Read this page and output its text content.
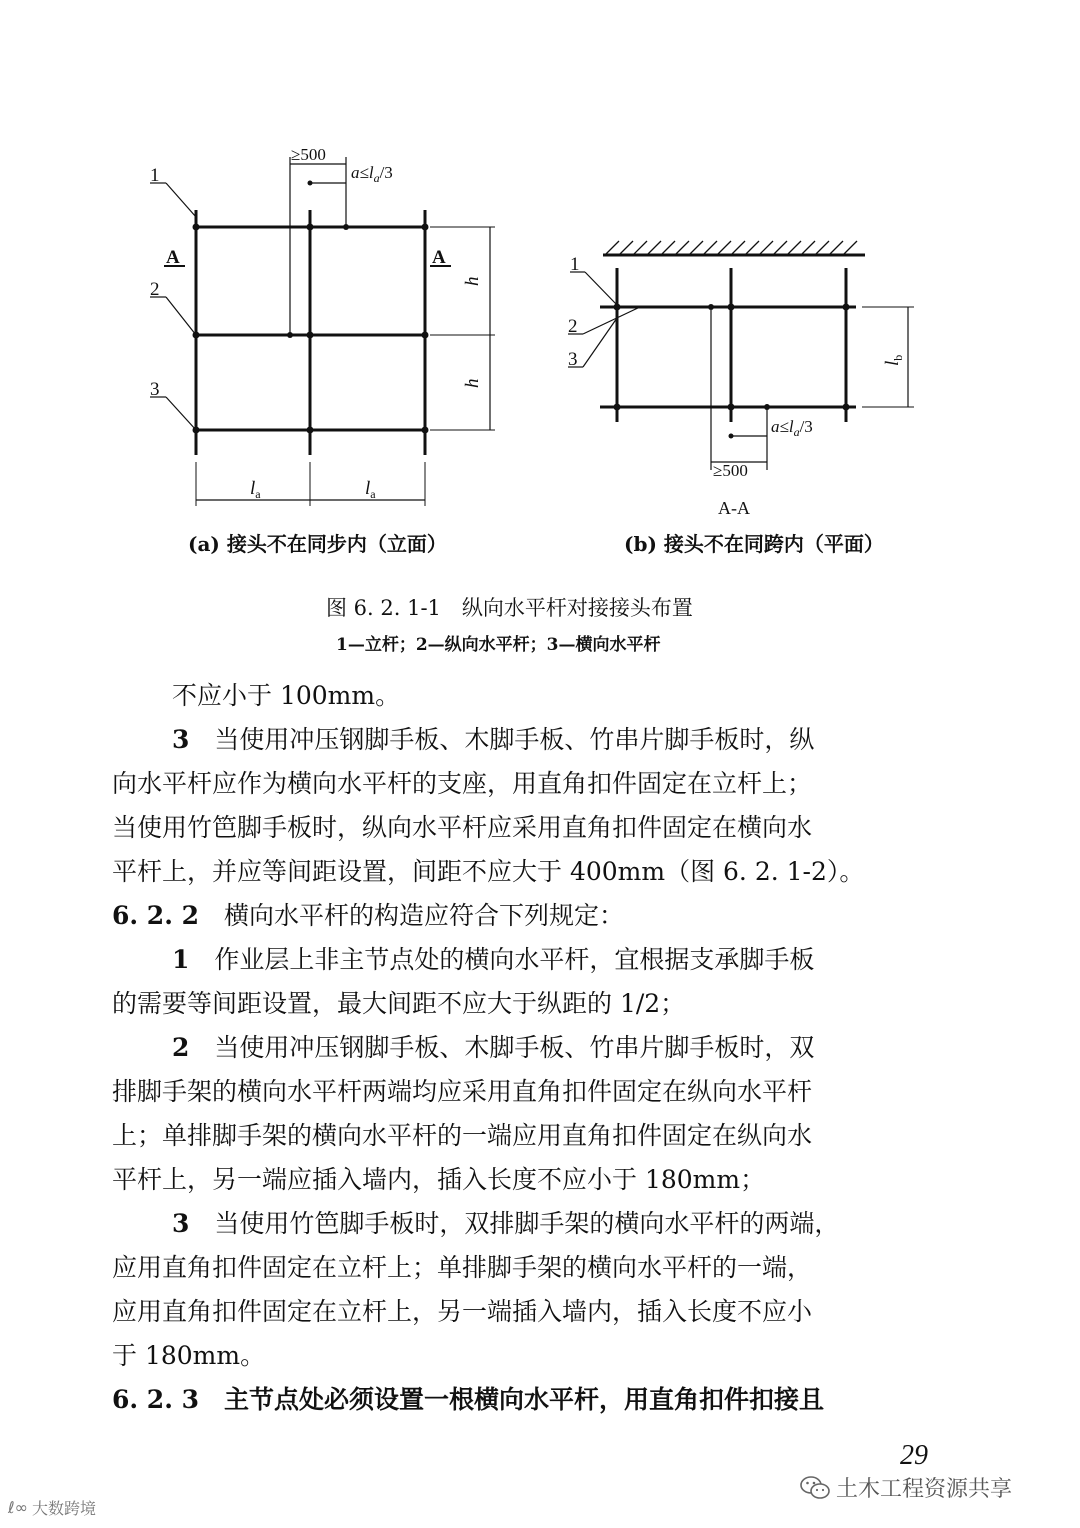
1
2
3
A	A
≥500
$a\le l_a/3$
h
h
$l_a$	$l_a$
1
2
3	$l_b$
$a\le l_a/3$
≥500
A-A
(a) 接头不在同步内（立面）	(b) 接头不在同跨内（平面）
图 6. 2. 1-1　纵向水平杆对接接头布置
1—立杆；2—纵向水平杆；3—横向水平杆
不应小于 100mm。
3　 当使用冲压钢脚手板、木脚手板、竹串片脚手板时，纵
向水平杆应作为横向水平杆的支座，用直角扣件固定在立杆上；
当使用竹笆脚手板时，纵向水平杆应采用直角扣件固定在横向水
平杆上，并应等间距设置，间距不应大于 400mm（图 6. 2. 1-2）。
6. 2. 2　 横向水平杆的构造应符合下列规定：
1　 作业层上非主节点处的横向水平杆，宜根据支承脚手板
的需要等间距设置，最大间距不应大于纵距的 1/2；
2　 当使用冲压钢脚手板、木脚手板、竹串片脚手板时，双
排脚手架的横向水平杆两端均应采用直角扣件固定在纵向水平杆
上；单排脚手架的横向水平杆的一端应用直角扣件固定在纵向水
平杆上，另一端应插入墙内，插入长度不应小于 180mm；
3　 当使用竹笆脚手板时，双排脚手架的横向水平杆的两端，
应用直角扣件固定在立杆上；单排脚手架的横向水平杆的一端，
应用直角扣件固定在立杆上，另一端插入墙内，插入长度不应小
于 180mm。
6. 2. 3　 主节点处必须设置一根横向水平杆，用直角扣件扣接且
29
土木工程资源共享
ℓ∞ 大数跨境
